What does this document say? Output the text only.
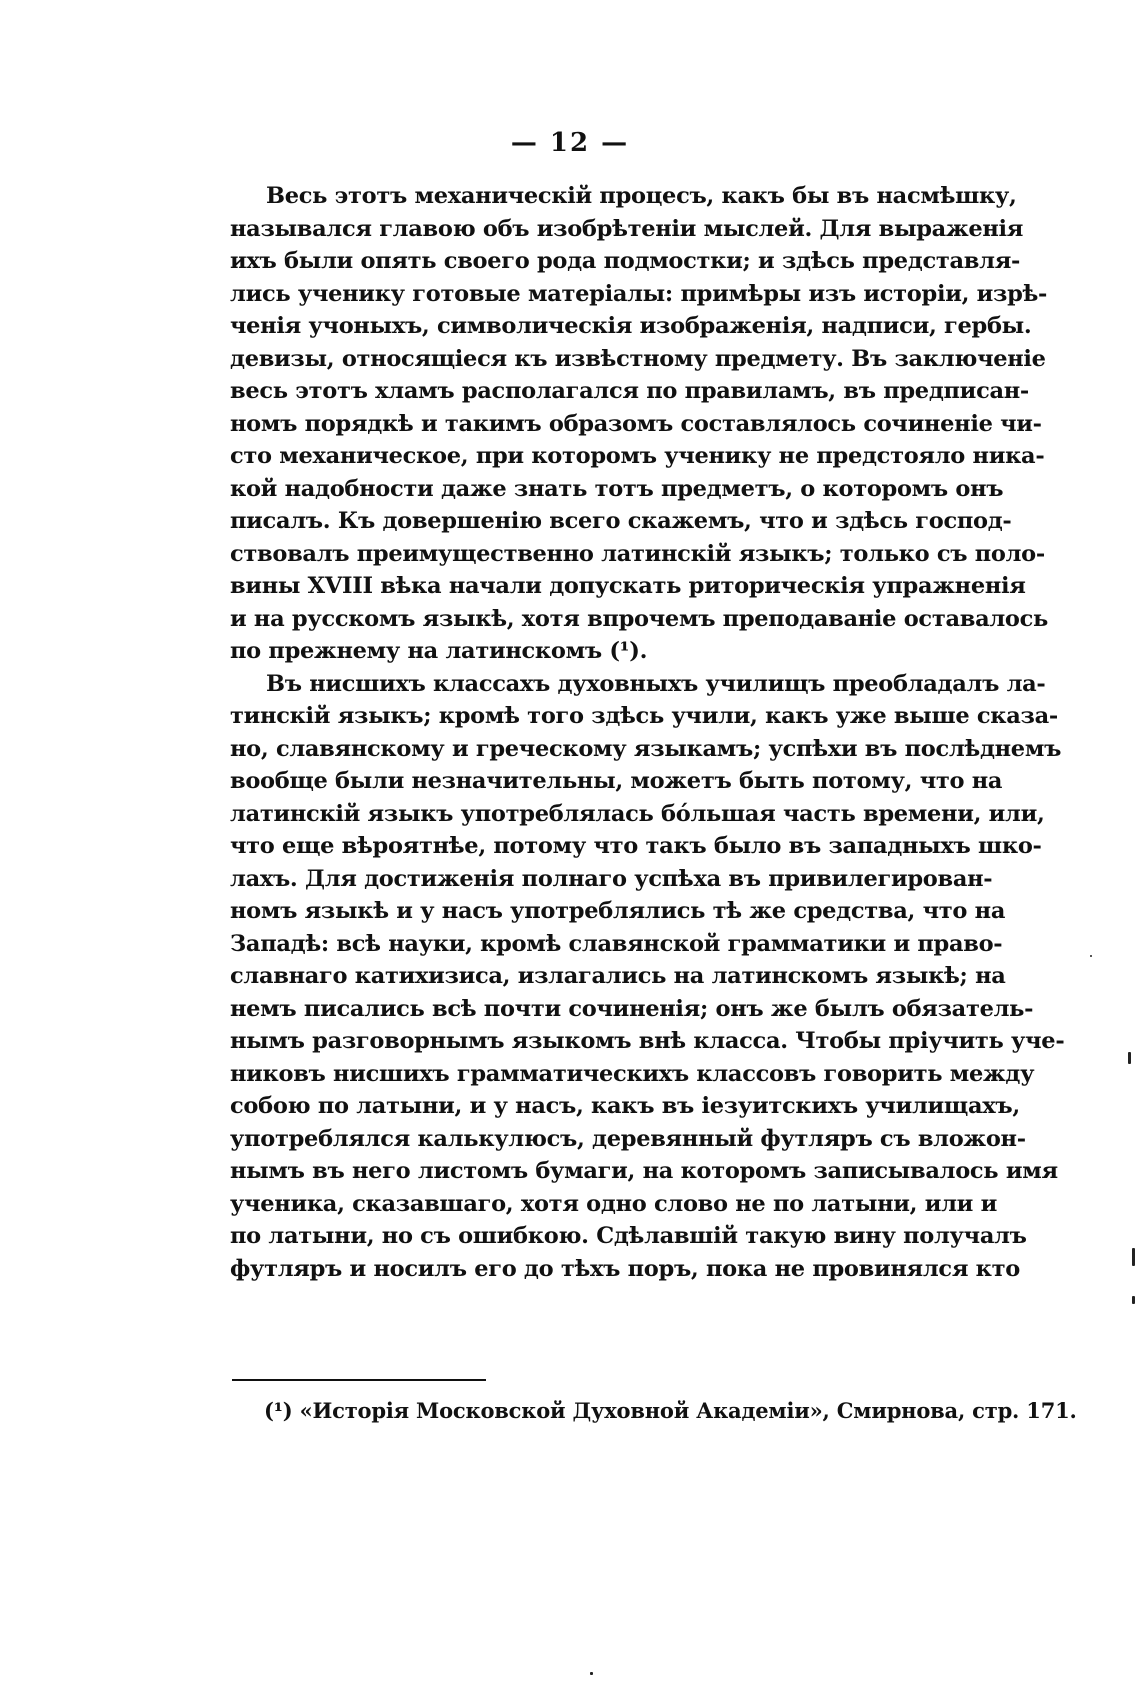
— 12 —
Весь этотъ механическій процесъ, какъ бы въ насмѣшку,
назывался главою объ изобрѣтеніи мыслей. Для выраженія
ихъ были опять своего рода подмостки; и здѣсь представля-
лись ученику готовые матеріалы: примѣры изъ исторіи, изрѣ-
ченія учоныхъ, символическія изображенія, надписи, гербы.
девизы, относящіеся къ извѣстному предмету. Въ заключеніе
весь этотъ хламъ располагался по правиламъ, въ предписан-
номъ порядкѣ и такимъ образомъ составлялось сочиненіе чи-
сто механическое, при которомъ ученику не предстояло ника-
кой надобности даже знать тотъ предметъ, о которомъ онъ
писалъ. Къ довершенію всего скажемъ, что и здѣсь господ-
ствовалъ преимущественно латинскій языкъ; только съ поло-
вины XVIII вѣка начали допускать риторическія упражненія
и на русскомъ языкѣ, хотя впрочемъ преподаваніе оставалось
по прежнему на латинскомъ (¹).
Въ нисшихъ классахъ духовныхъ училищъ преобладалъ ла-
тинскій языкъ; кромѣ того здѣсь учили, какъ уже выше сказа-
но, славянскому и греческому языкамъ; успѣхи въ послѣднемъ
вообще были незначительны, можетъ быть потому, что на
латинскій языкъ употреблялась бо́льшая часть времени, или,
что еще вѣроятнѣе, потому что такъ было въ западныхъ шко-
лахъ. Для достиженія полнаго успѣха въ привилегирован-
номъ языкѣ и у насъ употреблялись тѣ же средства, что на
Западѣ: всѣ науки, кромѣ славянской грамматики и право-
славнаго катихизиса, излагались на латинскомъ языкѣ; на
немъ писались всѣ почти сочиненія; онъ же былъ обязатель-
нымъ разговорнымъ языкомъ внѣ класса. Чтобы пріучить уче-
никовъ нисшихъ грамматическихъ классовъ говорить между
собою по латыни, и у насъ, какъ въ іезуитскихъ училищахъ,
употреблялся калькулюсъ, деревянный футляръ съ вложон-
нымъ въ него листомъ бумаги, на которомъ записывалось имя
ученика, сказавшаго, хотя одно слово не по латыни, или и
по латыни, но съ ошибкою. Сдѣлавшій такую вину получалъ
футляръ и носилъ его до тѣхъ поръ, пока не провинялся кто
(¹) «Исторія Московской Духовной Академіи», Смирнова, стр. 171.
